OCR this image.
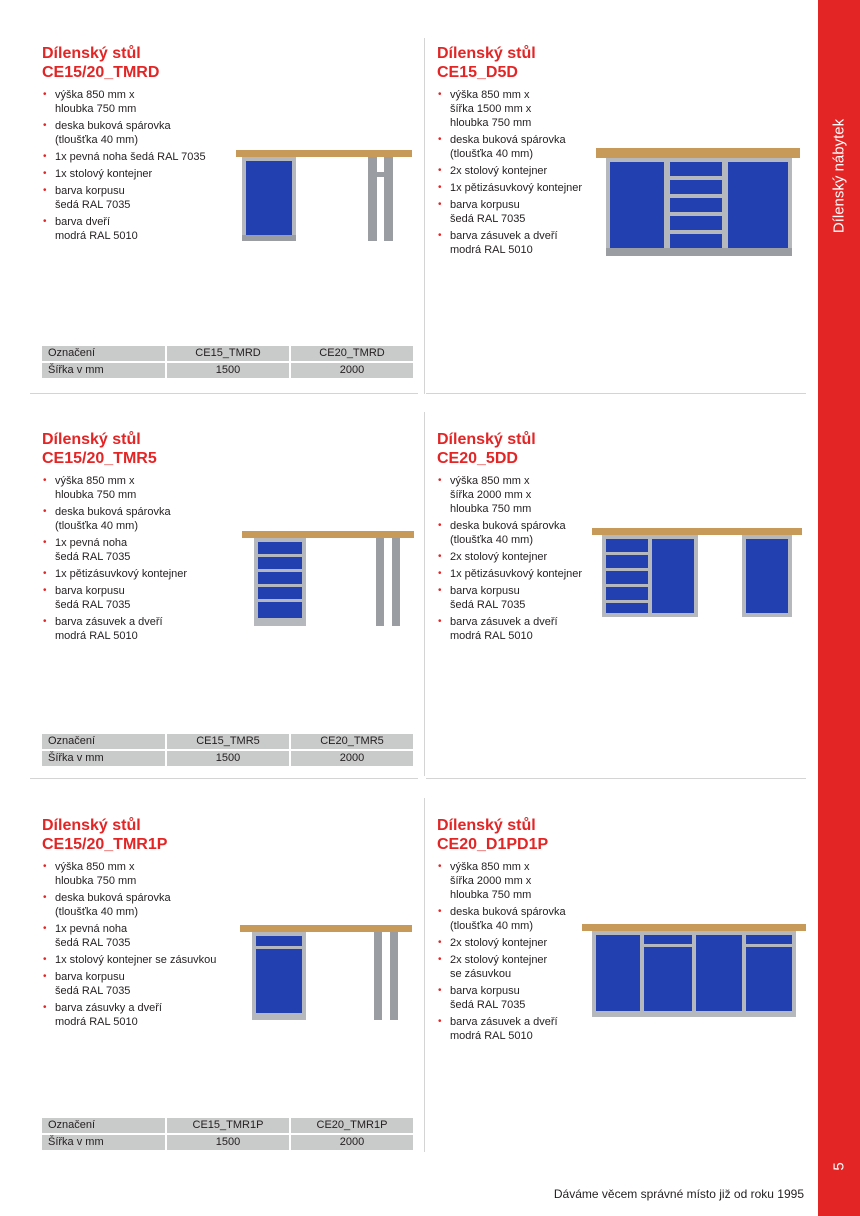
Dílenský nábytek
5

Dílenský stůl

CE15/20_TMRD

• výška 850 mm x
hloubka 750 mm
• deska buková spárovka
(tloušťka 40 mm)
• 1x pevná noha šedá RAL 7035
• 1x stolový kontejner
• barva korpusu
šedá RAL 7035
• barva dveří
modrá RAL 5010
Označení	CE15_TMRD	CE20_TMRD
Šířka v mm	1500	2000

Dílenský stůl

CE15_D5D

• výška 850 mm x
šířka 1500 mm x
hloubka 750 mm
• deska buková spárovka
(tloušťka 40 mm)
• 2x stolový kontejner
• 1x pětizásuvkový kontejner
• barva korpusu
šedá RAL 7035
• barva zásuvek a dveří
modrá RAL 5010

Dílenský stůl

CE15/20_TMR5

• výška 850 mm x
hloubka 750 mm
• deska buková spárovka
(tloušťka 40 mm)
• 1x pevná noha
šedá RAL 7035
• 1x pětizásuvkový kontejner
• barva korpusu
šedá RAL 7035
• barva zásuvek a dveří
modrá RAL 5010
Označení	CE15_TMR5	CE20_TMR5
Šířka v mm	1500	2000

Dílenský stůl

CE20_5DD

• výška 850 mm x
šířka 2000 mm x
hloubka 750 mm
• deska buková spárovka
(tloušťka 40 mm)
• 2x stolový kontejner
• 1x pětizásuvkový kontejner
• barva korpusu
šedá RAL 7035
• barva zásuvek a dveří
modrá RAL 5010

Dílenský stůl

CE15/20_TMR1P

• výška 850 mm x
hloubka 750 mm
• deska buková spárovka
(tloušťka 40 mm)
• 1x pevná noha
šedá RAL 7035
• 1x stolový kontejner se zásuvkou
• barva korpusu
šedá RAL 7035
• barva zásuvky a dveří
modrá RAL 5010
Označení	CE15_TMR1P	CE20_TMR1P
Šířka v mm	1500	2000

Dílenský stůl

CE20_D1PD1P

• výška 850 mm x
šířka 2000 mm x
hloubka 750 mm
• deska buková spárovka
(tloušťka 40 mm)
• 2x stolový kontejner
• 2x stolový kontejner
se zásuvkou
• barva korpusu
šedá RAL 7035
• barva zásuvek a dveří
modrá RAL 5010
Dáváme věcem správné místo již od roku 1995
